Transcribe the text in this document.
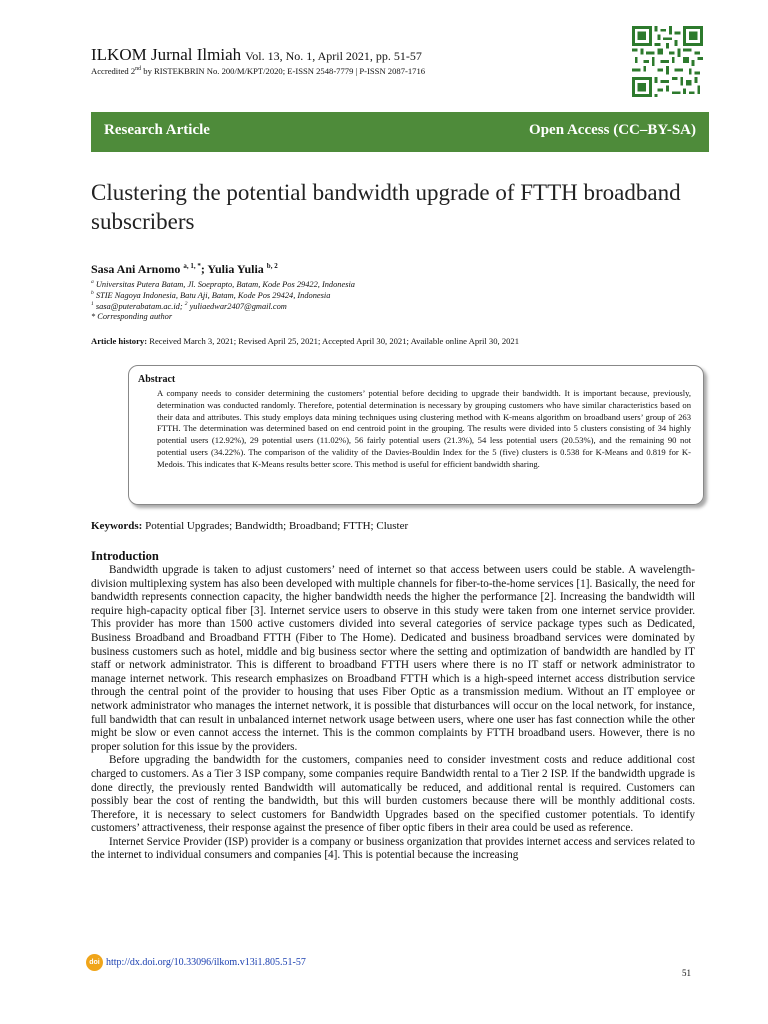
ILKOM Jurnal Ilmiah Vol. 13, No. 1, April 2021, pp. 51-57
Accredited 2nd by RISTEKBRIN No. 200/M/KPT/2020; E-ISSN 2548-7779 | P-ISSN 2087-1716
Research Article	Open Access (CC–BY-SA)
Clustering the potential bandwidth upgrade of FTTH broadband subscribers
Sasa Ani Arnomo $^{a, 1, *}$; Yulia Yulia $^{b, 2}$
$^a$ Universitas Putera Batam, Jl. Soeprapto, Batam, Kode Pos 29422, Indonesia
$^b$ STIE Nagoya Indonesia, Batu Aji, Batam, Kode Pos 29424, Indonesia
$^1$ sasa@puterabatam.ac.id; $^2$ yuliaedwar2407@gmail.com
* Corresponding author
Article history: Received March 3, 2021; Revised April 25, 2021; Accepted April 30, 2021; Available online April 30, 2021
Abstract
A company needs to consider determining the customers’ potential before deciding to upgrade their bandwidth. It is important because, previously, determination was conducted randomly. Therefore, potential determination is necessary by grouping customers who have similar characteristics based on their data and attributes. This study employs data mining techniques using clustering method with K-means algorithm on broadband users’ group of 263 FTTH. The determination was determined based on end centroid point in the grouping. The results were divided into 5 clusters consisting of 34 highly potential users (12.92%), 29 potential users (11.02%), 56 fairly potential users (21.3%), 54 less potential users (20.53%), and the remaining 90 not potential users (34.22%). The comparison of the validity of the Davies-Bouldin Index for the 5 (five) clusters is 0.538 for K-Means and 0.819 for K-Medois. This indicates that K-Means results better score. This method is useful for efficient bandwidth sharing.
Keywords: Potential Upgrades; Bandwidth; Broadband; FTTH; Cluster
Introduction

Bandwidth upgrade is taken to adjust customers’ need of internet so that access between users could be stable. A wavelength-division multiplexing system has also been developed with multiple channels for fiber-to-the-home services [1]. Basically, the need for bandwidth represents connection capacity, the higher bandwidth needs the higher the performance [2]. Increasing the bandwidth will require high-capacity optical fiber [3]. Internet service users to observe in this study were taken from one internet service provider. This provider has more than 1500 active customers divided into several categories of service package types such as Dedicated, Business Broadband and Broadband FTTH (Fiber to The Home). Dedicated and business broadband services were dominated by business customers such as hotel, middle and big business sector where the setting and optimization of bandwidth are handled by IT staff or network administrator. This is different to broadband FTTH users where there is no IT staff or network administrator to manage internet network. This research emphasizes on Broadband FTTH which is a high-speed internet access distribution service through the central point of the provider to housing that uses Fiber Optic as a transmission medium. Without an IT employee or network administrator who manages the internet network, it is possible that disturbances will occur on the local network, for instance, full bandwidth that can result in unbalanced internet network usage between users, where one user has fast connection while the other might be slow or even cannot access the internet. This is the common complaints by FTTH broadband users. However, there is no proper solution for this issue by the providers.

Before upgrading the bandwidth for the customers, companies need to consider investment costs and reduce additional cost charged to customers. As a Tier 3 ISP company, some companies require Bandwidth rental to a Tier 2 ISP. If the bandwidth upgrade is done directly, the previously rented Bandwidth will automatically be reduced, and additional rental is required. Customers can possibly bear the cost of renting the bandwidth, but this will burden customers because there will be monthly additional costs. Therefore, it is necessary to select customers for Bandwidth Upgrades based on the specified customer potentials. To identify customers’ attractiveness, their response against the presence of fiber optic fibers in their area could be used as reference.

Internet Service Provider (ISP) provider is a company or business organization that provides internet access and services related to the internet to individual consumers and companies [4]. This is potential because the increasing

doi http://dx.doi.org/10.33096/ilkom.v13i1.805.51-57
51
